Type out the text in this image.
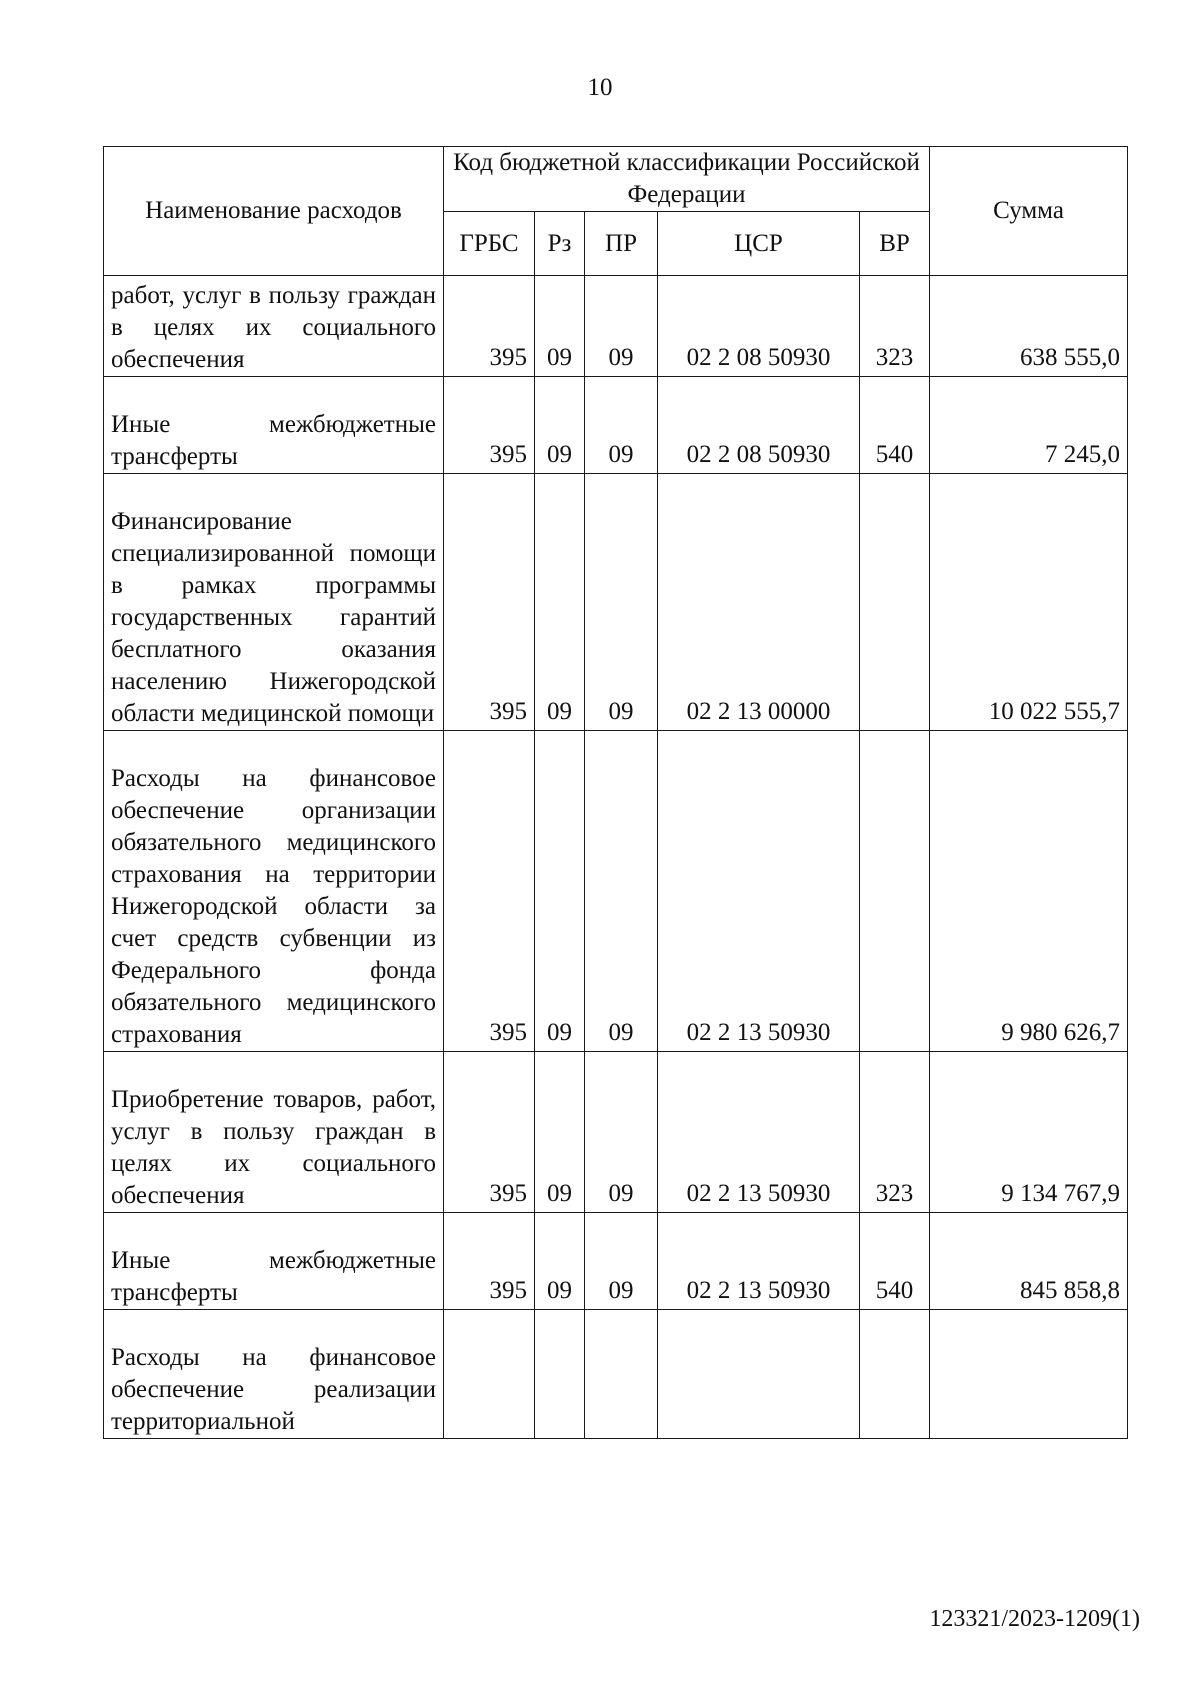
10
Наименование расходов	Код бюджетной классификации Российской Федерации					Сумма
	ГРБС	Рз	ПР	ЦСР	ВР	
работ, услуг в пользу граждан в целях их социального обеспечения	395	09	09	02 2 08 50930	323	638 555,0
Иные межбюджетные трансферты	395	09	09	02 2 08 50930	540	7 245,0
Финансирование специализированной помощи в рамках программы государственных гарантий бесплатного оказания населению Нижегородской области медицинской помощи	395	09	09	02 2 13 00000		10 022 555,7
Расходы на финансовое обеспечение организации обязательного медицинского страхования на территории Нижегородской области за счет средств субвенции из Федерального фонда обязательного медицинского страхования	395	09	09	02 2 13 50930		9 980 626,7
Приобретение товаров, работ, услуг в пользу граждан в целях их социального обеспечения	395	09	09	02 2 13 50930	323	9 134 767,9
Иные межбюджетные трансферты	395	09	09	02 2 13 50930	540	845 858,8
Расходы на финансовое обеспечение реализации территориальной						
123321/2023-1209(1)
